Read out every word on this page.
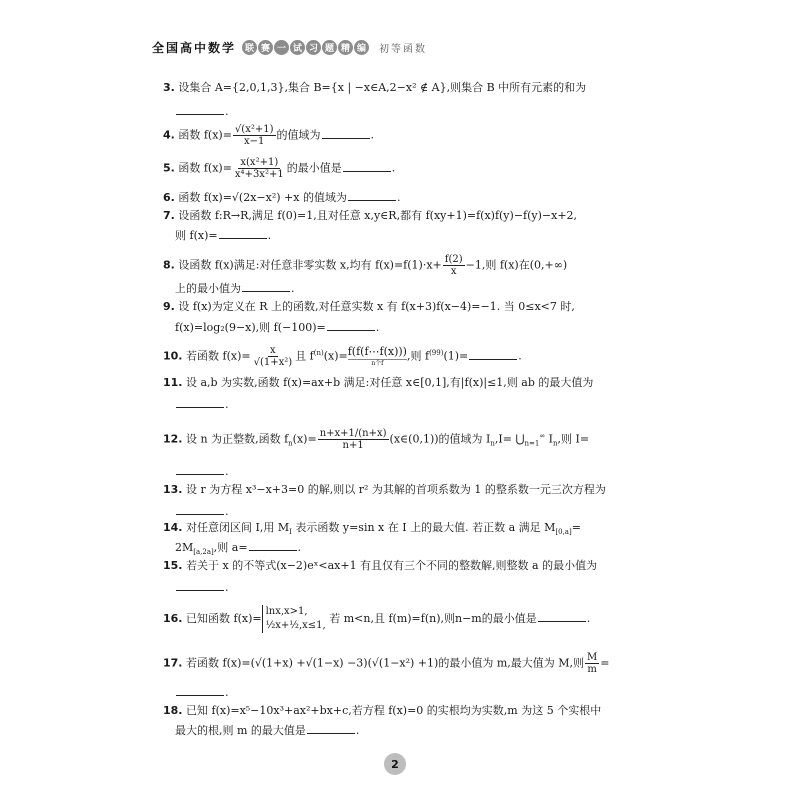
全国高中数学 联 赛 一 试 习 题 精 编	初等函数
3. 设集合 A={2,0,1,3},集合 B={x | −x∈A,2−x² ∉ A},则集合 B 中所有元素的和为
.
4. 函数 $f(x)= \frac{\text{√(x²+1)}}{x-1}$ 的值域为	.
5. 函数 $f(x)= \frac{\text{x(x²+1)}}{\text{x⁴+3x²+1}}$ 的最小值是	.
6. 函数 f(x)=√(2x−x²) +x 的值域为	.
7. 设函数 f:R→R,满足 f(0)=1,且对任意 x,y∈R,都有 f(xy+1)=f(x)f(y)−f(y)−x+2,
则 f(x)=	.
8. 设函数 f(x)满足:对任意非零实数 x,均有 $f(x)=f(1)\cdot x+ \frac{f(2)}{x} -1$,则 f(x)在(0,+∞)
上的最小值为	.
9. 设 f(x)为定义在 R 上的函数,对任意实数 x 有 f(x+3)f(x−4)=−1. 当 0≤x<7 时,
f(x)=log₂(9−x),则 f(−100)=	.
10. 若函数 $f(x)= \frac{x}{\text{√(1+x²)}}$ 且 $f^{(n)}(x)=$ f(f(f⋯f(x)))
n个f
,则 $f^{(99)}(1)=$	.
11. 设 a,b 为实数,函数 f(x)=ax+b 满足:对任意 x∈[0,1],有|f(x)|≤1,则 ab 的最大值为
.
12. 设 n 为正整数,函数 $f_n(x)= \frac{n+x+1/(n+x)}{n+1}$ (x∈(0,1))的值域为 $I_n,I=$ $⋃_{n=1}^\infty$ $I_n$,则 I=
.
13. 设 r 为方程 x³−x+3=0 的解,则以 r² 为其解的首项系数为 1 的整系数一元三次方程为
.
14. 对任意闭区间 I,用 $M_I$ 表示函数 y=sin x 在 I 上的最大值. 若正数 a 满足 $M_{[0,a]}=$
$2M_{[a,2a]}$,则 a=	.
15. 若关于 x 的不等式(x−2)eˣ<ax+1 有且仅有三个不同的整数解,则整数 a 的最小值为
.
16. 已知函数 f(x)=
lnx,x>1,
½x+½,x≤1,
若 m<n,且 f(m)=f(n),则n−m的最小值是	.
17. 若函数 f(x)=(√(1+x) +√(1−x) −3)(√(1−x²) +1)的最小值为 m,最大值为 M,则 $\frac{M}{m}$ =
.
18. 已知 f(x)=x⁵−10x³+ax²+bx+c,若方程 f(x)=0 的实根均为实数,m 为这 5 个实根中
最大的根,则 m 的最大值是	.
2
